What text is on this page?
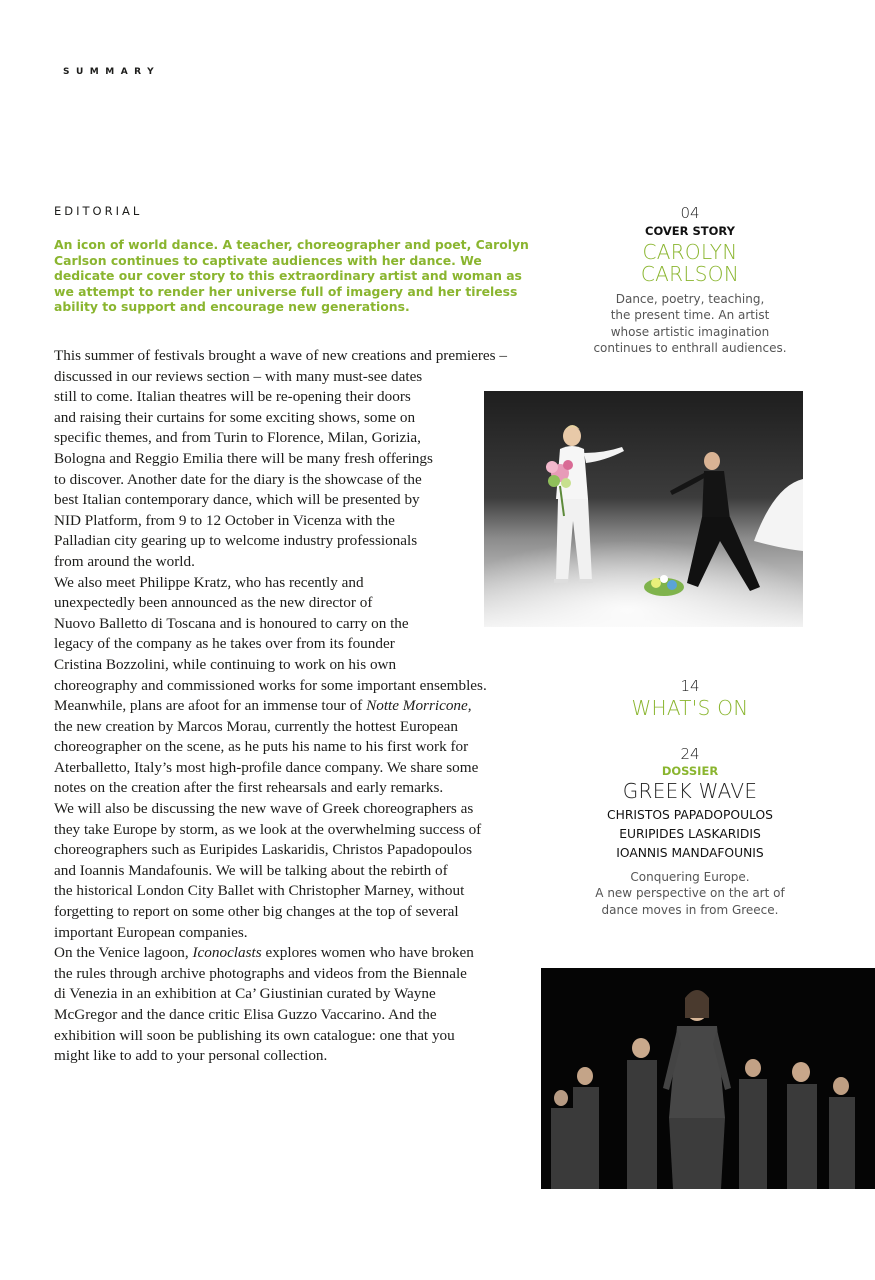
SUMMARY
EDITORIAL
An icon of world dance. A teacher, choreographer and poet, Carolyn Carlson continues to captivate audiences with her dance. We dedicate our cover story to this extraordinary artist and woman as we attempt to render her universe full of imagery and her tireless ability to support and encourage new generations.
This summer of festivals brought a wave of new creations and premieres –
discussed in our reviews section – with many must-see dates
still to come. Italian theatres will be re-opening their doors
and raising their curtains for some exciting shows, some on
specific themes, and from Turin to Florence, Milan, Gorizia,
Bologna and Reggio Emilia there will be many fresh offerings
to discover. Another date for the diary is the showcase of the
best Italian contemporary dance, which will be presented by
NID Platform, from 9 to 12 October in Vicenza with the
Palladian city gearing up to welcome industry professionals
from around the world.
We also meet Philippe Kratz, who has recently and
unexpectedly been announced as the new director of
Nuovo Balletto di Toscana and is honoured to carry on the
legacy of the company as he takes over from its founder
Cristina Bozzolini, while continuing to work on his own
choreography and commissioned works for some important ensembles.
Meanwhile, plans are afoot for an immense tour of Notte Morricone,
the new creation by Marcos Morau, currently the hottest European
choreographer on the scene, as he puts his name to his first work for
Aterballetto, Italy’s most high-profile dance company. We share some
notes on the creation after the first rehearsals and early remarks.
We will also be discussing the new wave of Greek choreographers as
they take Europe by storm, as we look at the overwhelming success of
choreographers such as Euripides Laskaridis, Christos Papadopoulos
and Ioannis Mandafounis. We will be talking about the rebirth of
the historical London City Ballet with Christopher Marney, without
forgetting to report on some other big changes at the top of several
important European companies.
On the Venice lagoon, Iconoclasts explores women who have broken
the rules through archive photographs and videos from the Biennale
di Venezia in an exhibition at Ca’ Giustinian curated by Wayne
McGregor and the dance critic Elisa Guzzo Vaccarino. And the
exhibition will soon be publishing its own catalogue: one that you
might like to add to your personal collection.
04
COVER STORY
CAROLYN
CARLSON
Dance, poetry, teaching,
the present time. An artist
whose artistic imagination
continues to enthrall audiences.
14
WHAT'S ON
24
DOSSIER
GREEK WAVE
CHRISTOS PAPADOPOULOS
EURIPIDES LASKARIDIS
IOANNIS MANDAFOUNIS
Conquering Europe.
A new perspective on the art of
dance moves in from Greece.
